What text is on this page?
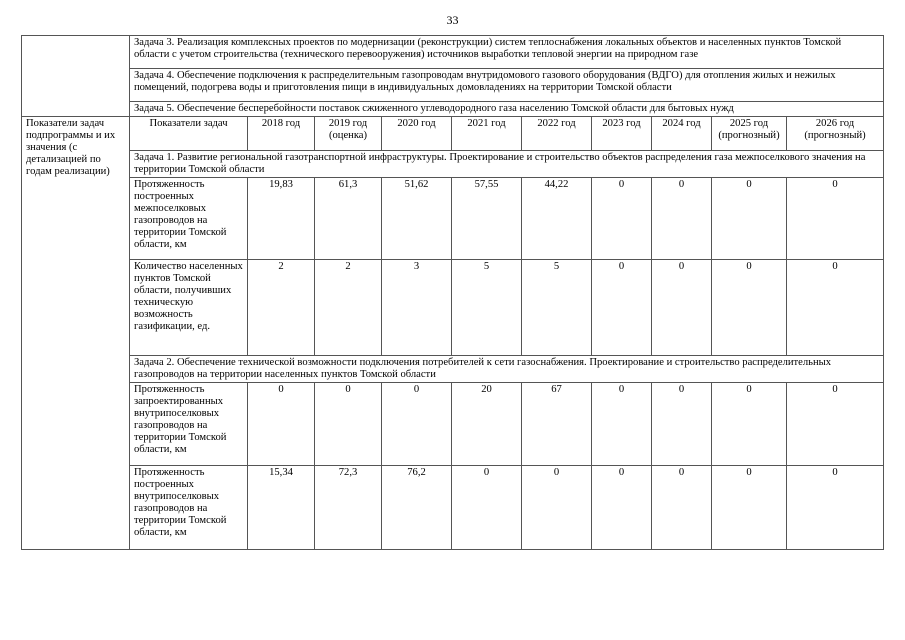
33
	Задача 3. Реализация комплексных проектов по модернизации (реконструкции) систем теплоснабжения локальных объектов и населенных пунктов Томской области с учетом строительства (технического перевооружения) источников выработки тепловой энергии на природном газе									
	Задача 4. Обеспечение подключения к распределительным газопроводам внутридомового газового оборудования (ВДГО) для отопления жилых и нежилых помещений, подогрева воды и приготовления пищи в индивидуальных домовладениях на территории Томской области									
	Задача 5. Обеспечение бесперебойности поставок сжиженного углеводородного газа населению Томской области для бытовых нужд									
Показатели задач подпрограммы и их значения (с детализацией по годам реализации)	Показатели задач	2018 год	2019 год (оценка)	2020 год	2021 год	2022 год	2023 год	2024 год	2025 год (прогнозный)	2026 год (прогнозный)
	Задача 1. Развитие региональной газотранспортной инфраструктуры. Проектирование и строительство объектов распределения газа межпоселкового значения на территории Томской области									
	Протяженность построенных межпоселковых газопроводов на территории Томской области, км	19,83	61,3	51,62	57,55	44,22	0	0	0	0
	Количество населенных пунктов Томской области, получивших техническую возможность газификации, ед.	2	2	3	5	5	0	0	0	0
	Задача 2. Обеспечение технической возможности подключения потребителей к сети газоснабжения. Проектирование и строительство распределительных газопроводов на территории населенных пунктов Томской области									
	Протяженность запроектированных внутрипоселковых газопроводов на территории Томской области, км	0	0	0	20	67	0	0	0	0
	Протяженность построенных внутрипоселковых газопроводов на территории Томской области, км	15,34	72,3	76,2	0	0	0	0	0	0
